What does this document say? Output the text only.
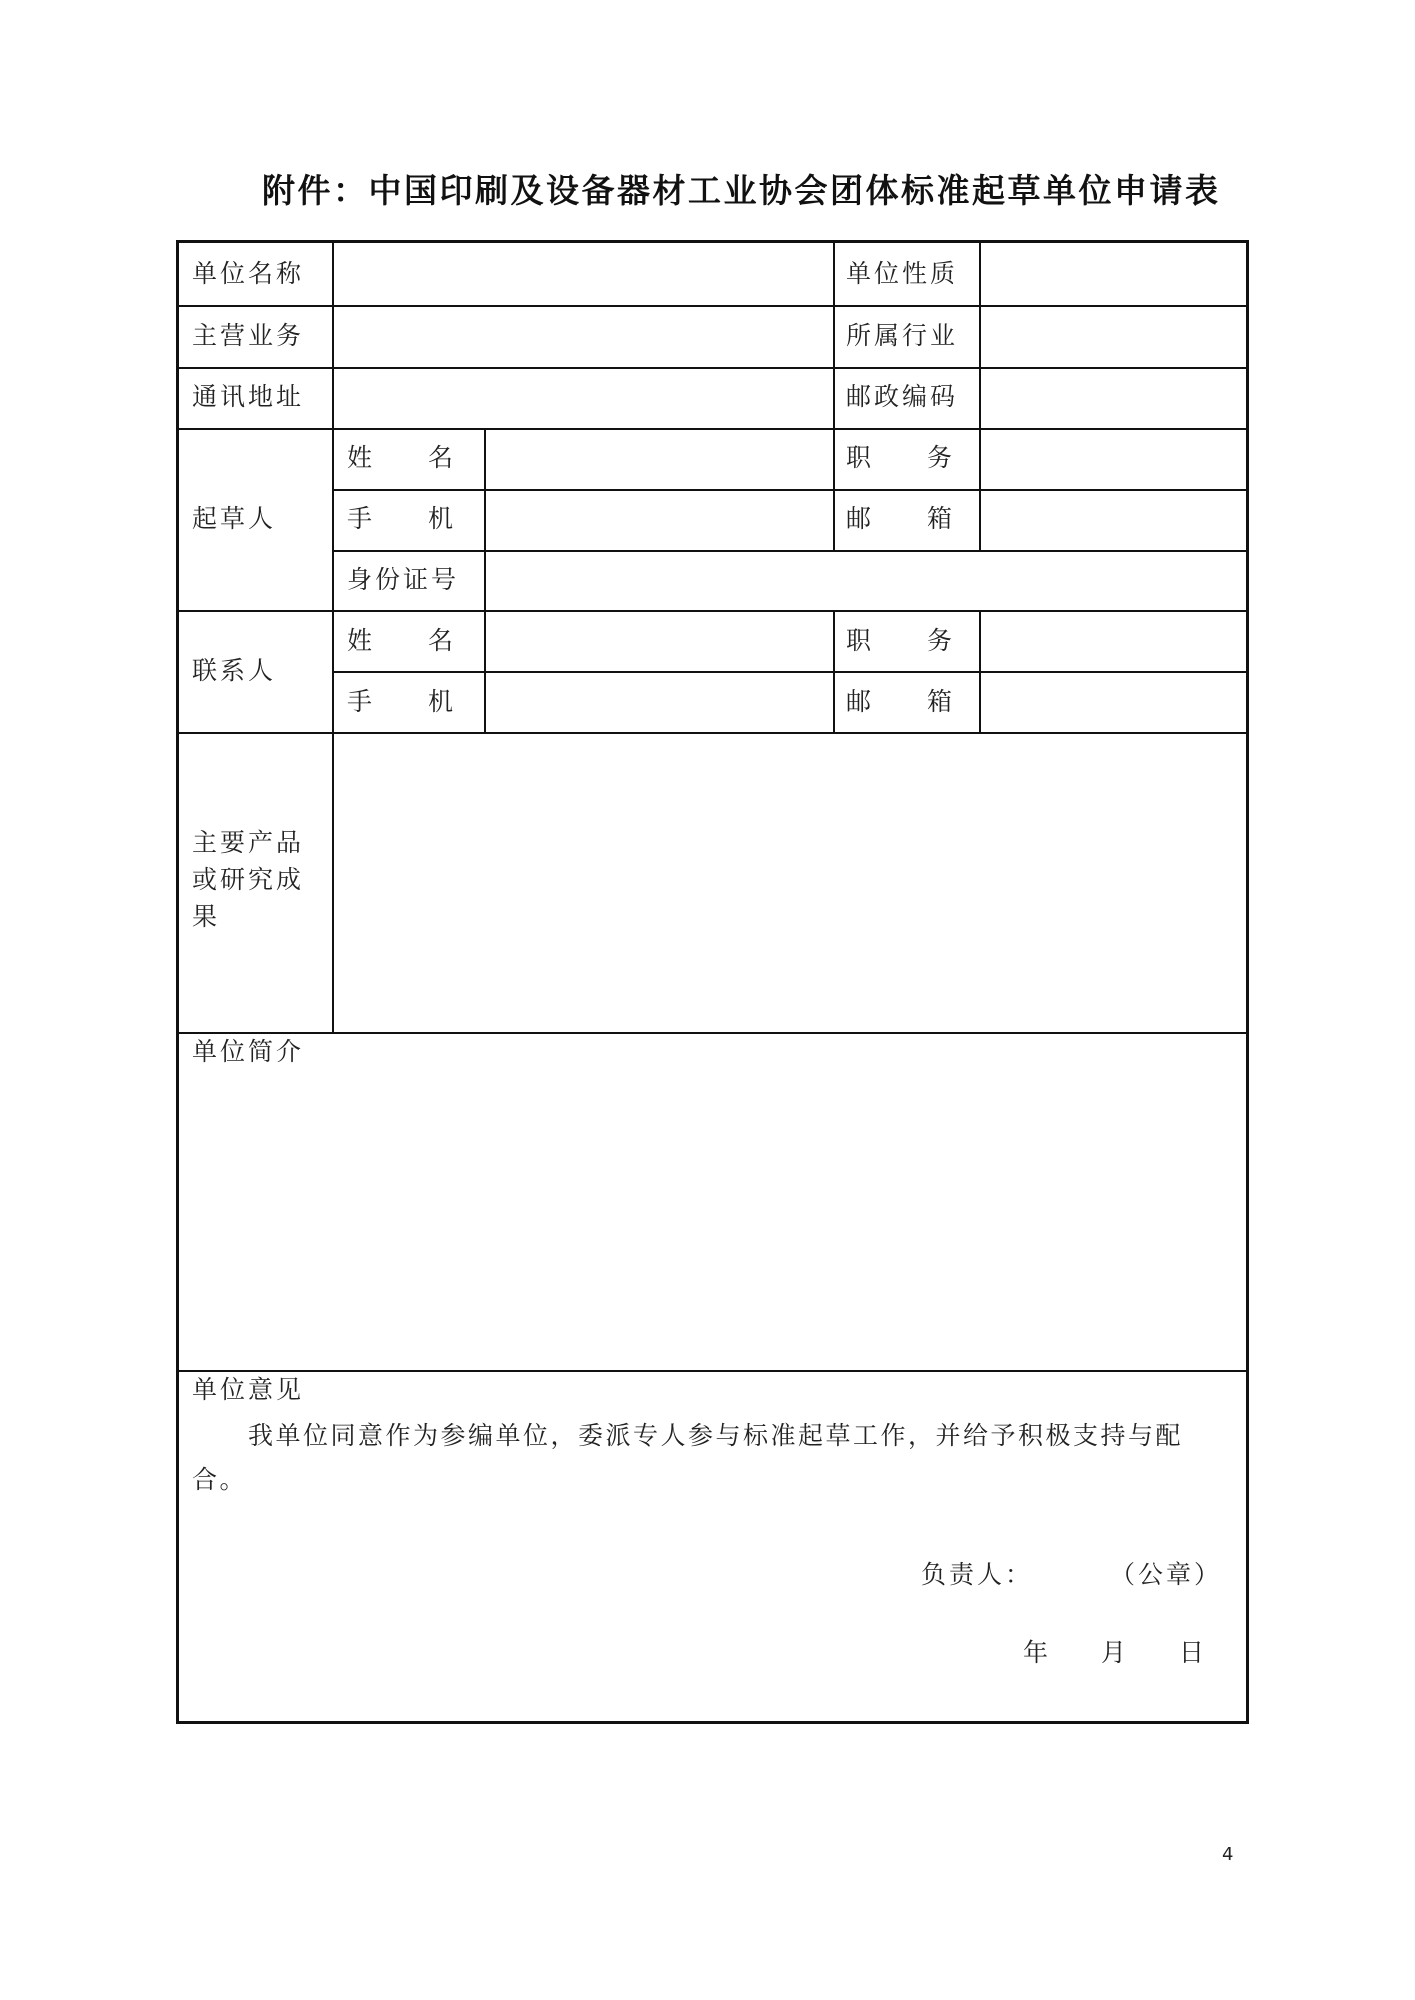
附件：中国印刷及设备器材工业协会团体标准起草单位申请表
单位名称	单位性质
主营业务	所属行业
通讯地址	邮政编码
起草人
姓 名	职 务
手 机	邮 箱
身份证号
联系人
姓 名	职 务
手 机	邮 箱
主要产品或研究成果
单位简介
单位意见
我单位同意作为参编单位，委派专人参与标准起草工作，并给予积极支持与配合。
负责人：	（公章）
年 月 日
4
